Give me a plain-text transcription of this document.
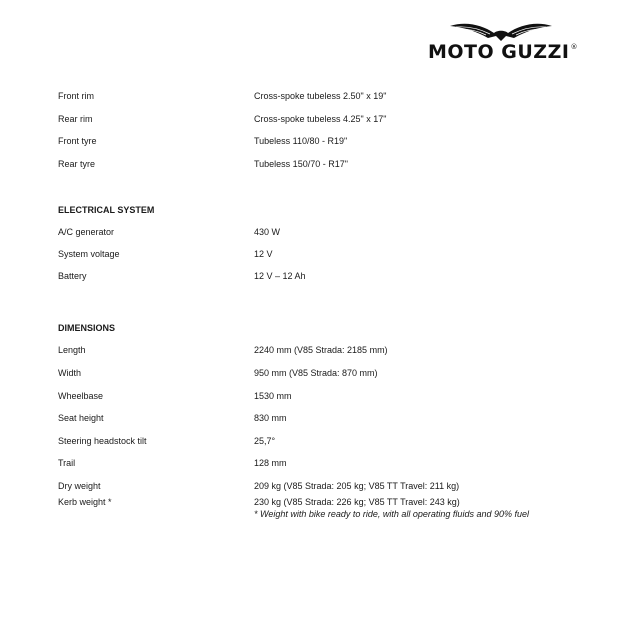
MOTO GUZZI®
Front rim	Cross-spoke tubeless 2.50" x 19"
Rear rim	Cross-spoke tubeless 4.25" x 17"
Front tyre	Tubeless 110/80 - R19"
Rear tyre	Tubeless 150/70 - R17"
ELECTRICAL SYSTEM
A/C generator	430 W
System voltage	12 V
Battery	12 V – 12 Ah
DIMENSIONS
Length	2240 mm (V85 Strada: 2185 mm)
Width	950 mm (V85 Strada: 870 mm)
Wheelbase	1530 mm
Seat height	830 mm
Steering headstock tilt	25,7°
Trail	128 mm
Dry weight	209 kg (V85 Strada: 205 kg; V85 TT Travel: 211 kg)
Kerb weight *	230 kg (V85 Strada: 226 kg; V85 TT Travel: 243 kg)
* Weight with bike ready to ride, with all operating fluids and 90% fuel
